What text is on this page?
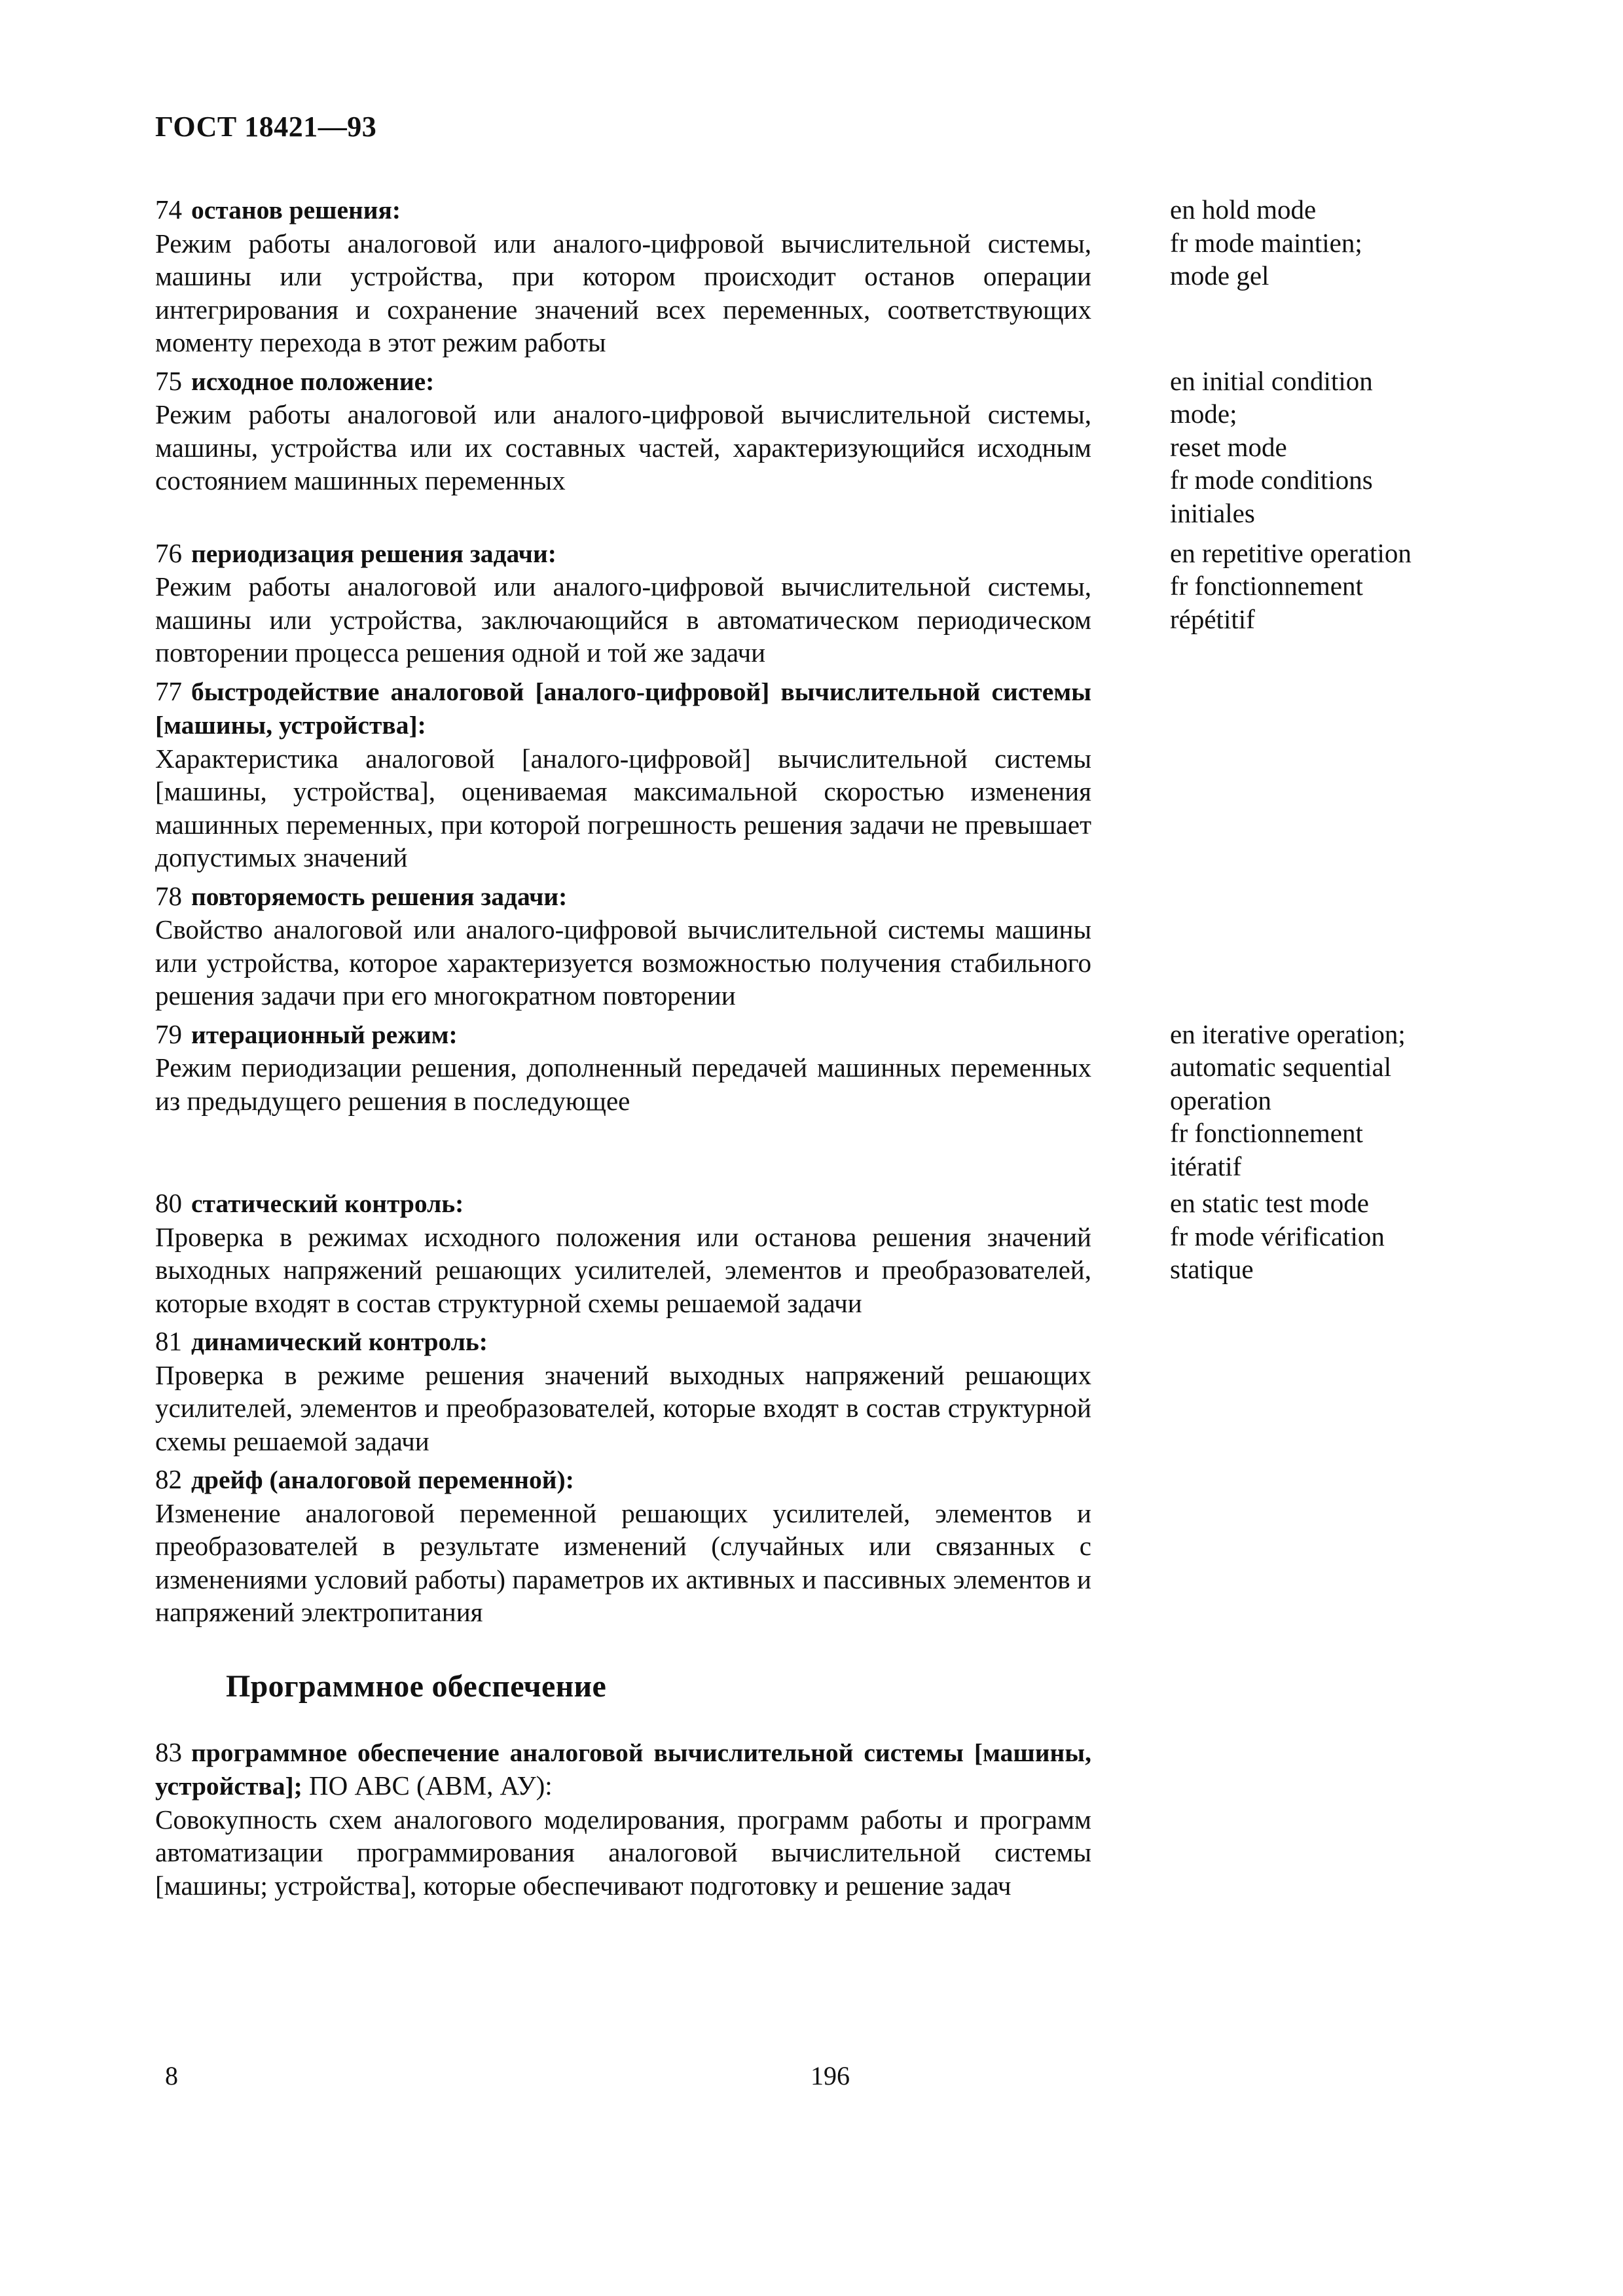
ГОСТ 18421—93
74 останов решения:
Режим работы аналоговой или аналого-цифровой вычислительной системы, машины или устройства, при котором происходит останов операции интегрирования и сохранение значений всех переменных, соответствующих моменту перехода в этот режим работы
en hold mode
fr mode maintien;
mode gel
75 исходное положение:
Режим работы аналоговой или аналого-цифровой вычислительной системы, машины, устройства или их составных частей, характеризующийся исходным состоянием машинных переменных
en initial condition
mode;
reset mode
fr mode conditions
initiales
76 периодизация решения задачи:
Режим работы аналоговой или аналого-цифровой вычислительной системы, машины или устройства, заключающийся в автоматическом периодическом повторении процесса решения одной и той же задачи
en repetitive operation
fr fonctionnement
répétitif
77 быстродействие аналоговой [аналого-цифровой] вычислительной системы [машины, устройства]:
Характеристика аналоговой [аналого-цифровой] вычислительной системы [машины, устройства], оцениваемая максимальной скоростью изменения машинных переменных, при которой погрешность решения задачи не превышает допустимых значений
78 повторяемость решения задачи:
Свойство аналоговой или аналого-цифровой вычислительной системы машины или устройства, которое характеризуется возможностью получения стабильного решения задачи при его многократном повторении
79 итерационный режим:
Режим периодизации решения, дополненный передачей машинных переменных из предыдущего решения в последующее
en iterative operation;
automatic sequential
operation
fr fonctionnement
itératif
80 статический контроль:
Проверка в режимах исходного положения или останова решения значений выходных напряжений решающих усилителей, элементов и преобразователей, которые входят в состав структурной схемы решаемой задачи
en static test mode
fr mode vérification
statique
81 динамический контроль:
Проверка в режиме решения значений выходных напряжений решающих усилителей, элементов и преобразователей, которые входят в состав структурной схемы решаемой задачи
82 дрейф (аналоговой переменной):
Изменение аналоговой переменной решающих усилителей, элементов и преобразователей в результате изменений (случайных или связанных с изменениями условий работы) параметров их активных и пассивных элементов и напряжений электропитания
Программное обеспечение
83 программное обеспечение аналоговой вычислительной системы [машины, устройства]; ПО АВС (АВМ, АУ):
Совокупность схем аналогового моделирования, программ работы и программ автоматизации программирования аналоговой вычислительной системы [машины; устройства], которые обеспечивают подготовку и решение задач
8	196
